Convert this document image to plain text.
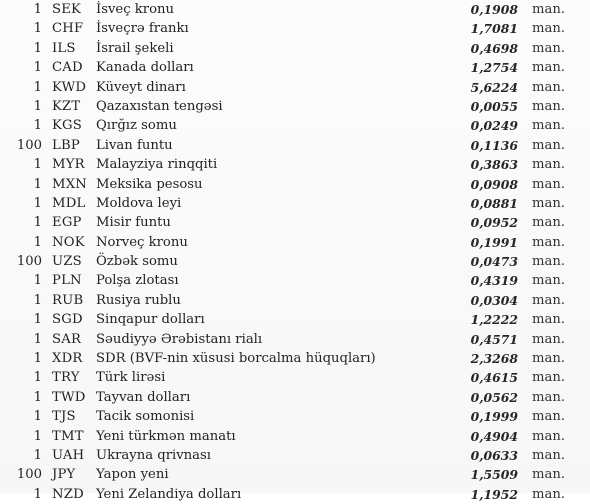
1 SEK	İsveç kronu	0,1908 man.
1 CHF İsveçrə frankı	1,7081 man.
1 ILS	İsrail şekeli	0,4698 man.
1 CAD	Kanada dolları	1,2754 man.
1 KWD Küveyt dinarı	5,6224 man.
1 KZT	Qazaxıstan tengəsi	0,0055 man.
1 KGS	Qırğız somu	0,0249 man.
100 LBP	Livan funtu	0,1136 man.
1 MYR Malayziya rinqqiti	0,3863 man.
1 MXN Meksika pesosu	0,0908 man.
1 MDL Moldova leyi	0,0881 man.
1 EGP	Misir funtu	0,0952 man.
1 NOK Norveç kronu	0,1991 man.
100 UZS	Özbək somu	0,0473 man.
1 PLN	Polşa zlotası	0,4319 man.
1 RUB Rusiya rublu	0,0304 man.
1 SGD	Sinqapur dolları	1,2222 man.
1 SAR	Səudiyyə Ərəbistanı rialı	0,4571 man.
1 XDR	SDR (BVF-nin xüsusi borcalma hüquqları)	2,3268 man.
1 TRY	Türk lirəsi	0,4615 man.
1 TWD Tayvan dolları	0,0562 man.
1 TJS	Tacik somonisi	0,1999 man.
1 TMT Yeni türkmən manatı	0,4904 man.
1 UAH Ukrayna qrivnası	0,0633 man.
100 JPY	Yapon yeni	1,5509 man.
1 NZD Yeni Zelandiya dolları	1,1952 man.
